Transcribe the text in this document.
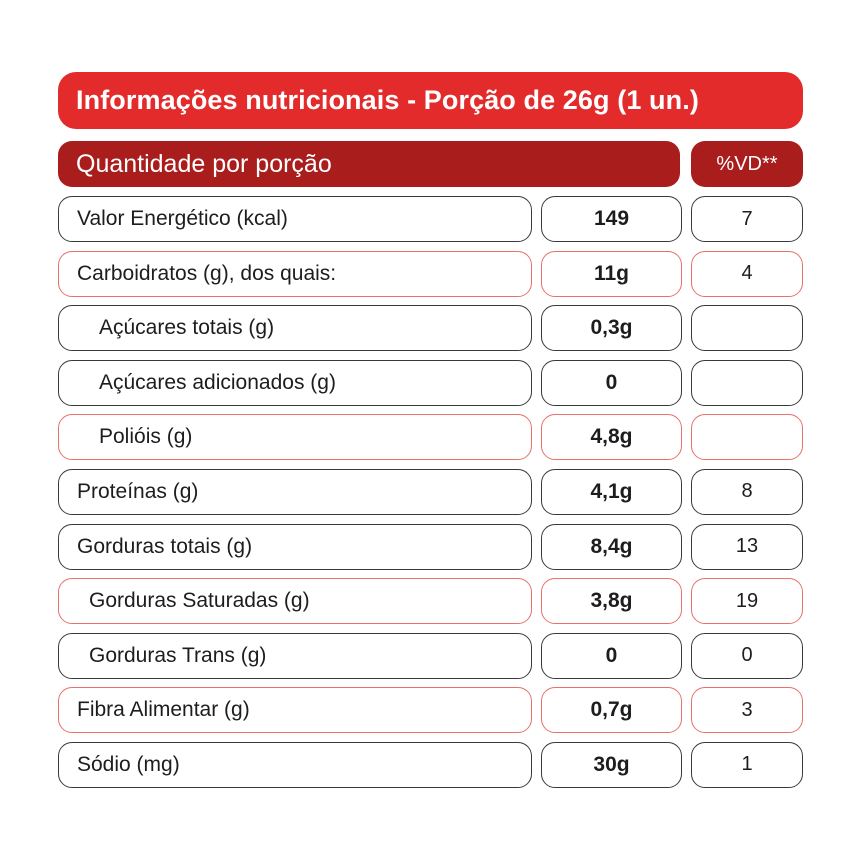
Informações nutricionais - Porção de 26g (1 un.)
Quantidade por porção	%VD**
Valor Energético (kcal)	149	7
Carboidratos (g), dos quais:	11g	4
Açúcares totais (g)	0,3g
Açúcares adicionados (g)	0
Polióis (g)	4,8g
Proteínas (g)	4,1g	8
Gorduras totais (g)	8,4g	13
Gorduras Saturadas (g)	3,8g	19
Gorduras Trans (g)	0	0
Fibra Alimentar (g)	0,7g	3
Sódio (mg)	30g	1
